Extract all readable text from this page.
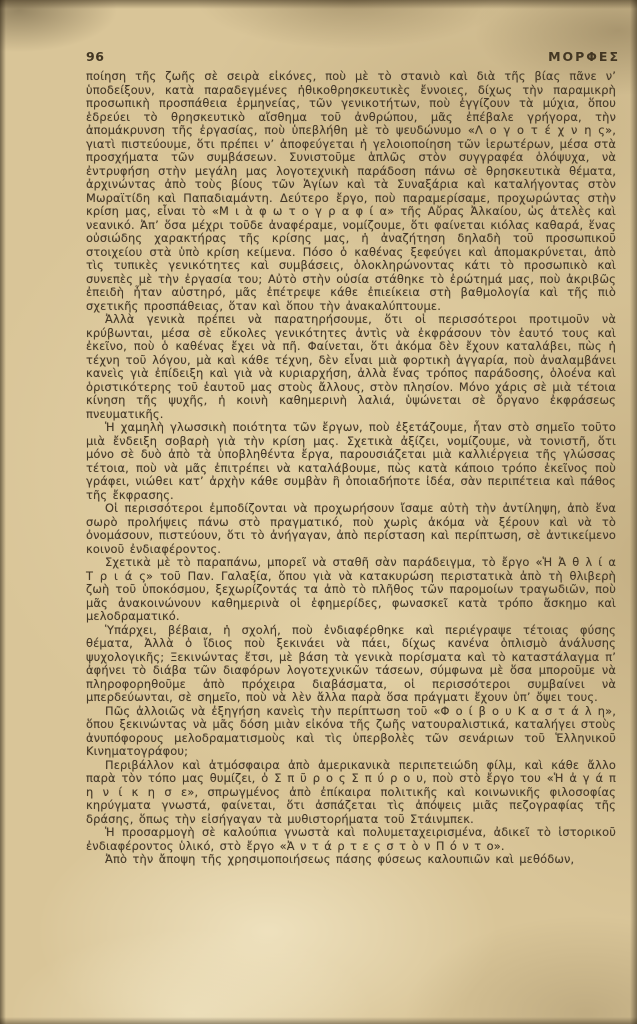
96	ΜΟΡΦΕΣ

ποίηση τῆς ζωῆς σὲ σειρὰ εἰκόνες, ποὺ μὲ τὸ στανιὸ καὶ διὰ τῆς βίας πᾶνε ν’ ὑποδείξουν, κατὰ παραδεγμένες ἠθικοθρησκευτικὲς ἔννοιες, δίχως τὴν παραμικρὴ προσωπικὴ προσπάθεια ἑρμηνείας, τῶν γενικοτήτων, ποὺ ἐγγίζουν τὰ μύχια, ὅπου ἑδρεύει τὸ θρησκευτικὸ αἴσθημα τοῦ ἀνθρώπου, μᾶς ἐπέβαλε γρήγορα, τὴν ἀπομάκρυνση τῆς ἐργασίας, ποὺ ὑπεβλήθη μὲ τὸ ψευδώνυμο «Λ ο γ ο τ έ χ ν η ς», γιατὶ πιστεύουμε, ὅτι πρέπει ν’ ἀποφεύγεται ἡ γελοιοποίηση τῶν ἱερωτέρων, μέσα στὰ προσχήματα τῶν συμβάσεων. Συνιστοῦμε ἁπλῶς στὸν συγγραφέα ὁλόψυχα, νὰ ἐντρυφήση στὴν μεγάλη μας λογοτεχνικὴ παράδοση πάνω σὲ θρησκευτικὰ θέματα, ἀρχινώντας ἀπὸ τοὺς βίους τῶν Ἁγίων καὶ τὰ Συναξάρια καὶ καταλήγοντας στὸν Μωραϊτίδη καὶ Παπαδιαμάντη. Δεύτερο ἔργο, ποὺ παραμερίσαμε, προχωρώντας στὴν κρίση μας, εἶναι τὸ «Μ ι ὰ φ ω τ ο γ ρ α φ ί α» τῆς Αὔρας Ἀλκαίου, ὡς ἀτελὲς καὶ νεανικό. Ἀπ’ ὅσα μέχρι τοῦδε ἀναφέραμε, νομίζουμε, ὅτι φαίνεται κιόλας καθαρά, ἕνας οὐσιώδης χαρακτήρας τῆς κρίσης μας, ἡ ἀναζήτηση δηλαδὴ τοῦ προσωπικοῦ στοιχείου στὰ ὑπὸ κρίση κείμενα. Πόσο ὁ καθένας ξεφεύγει καὶ ἀπομακρύνεται, ἀπὸ τὶς τυπικὲς γενικότητες καὶ συμβάσεις, ὁλοκληρώνοντας κάτι τὸ προσωπικὸ καὶ συνεπὲς μὲ τὴν ἐργασία του; Αὐτὸ στὴν οὐσία στάθηκε τὸ ἐρώτημά μας, ποὺ ἀκριβῶς ἐπειδὴ ἦταν αὐστηρό, μᾶς ἐπέτρεψε κάθε ἐπιείκεια στὴ βαθμολογία καὶ τῆς πιὸ σχετικῆς προσπάθειας, ὅταν καὶ ὅπου τὴν ἀνακαλύπτουμε.

Ἀλλὰ γενικὰ πρέπει νὰ παρατηρήσουμε, ὅτι οἱ περισσότεροι προτιμοῦν νὰ κρύβωνται, μέσα σὲ εὔκολες γενικότητες ἀντὶς νὰ ἐκφράσουν τὸν ἑαυτό τους καὶ ἐκεῖνο, ποὺ ὁ καθένας ἔχει νὰ πῆ. Φαίνεται, ὅτι ἀκόμα δὲν ἔχουν καταλάβει, πὼς ἡ τέχνη τοῦ λόγου, μὰ καὶ κάθε τέχνη, δὲν εἶναι μιὰ φορτικὴ ἀγγαρία, ποὺ ἀναλαμβάνει κανεὶς γιὰ ἐπίδειξη καὶ γιὰ νὰ κυριαρχήση, ἀλλὰ ἕνας τρόπος παράδοσης, ὁλοένα καὶ ὁριστικότερης τοῦ ἑαυτοῦ μας στοὺς ἄλλους, στὸν πλησίον. Μόνο χάρις σὲ μιὰ τέτοια κίνηση τῆς ψυχῆς, ἡ κοινὴ καθημερινὴ λαλιά, ὑψώνεται σὲ ὄργανο ἐκφράσεως πνευματικῆς.

Ἡ χαμηλὴ γλωσσικὴ ποιότητα τῶν ἔργων, ποὺ ἐξετάζουμε, ἦταν στὸ σημεῖο τοῦτο μιὰ ἔνδειξη σοβαρὴ γιὰ τὴν κρίση μας. Σχετικὰ ἀξίζει, νομίζουμε, νὰ τονιστῆ, ὅτι μόνο σὲ δυὸ ἀπὸ τὰ ὑποβληθέντα ἔργα, παρουσιάζεται μιὰ καλλιέργεια τῆς γλώσσας τέτοια, ποὺ νὰ μᾶς ἐπιτρέπει νὰ καταλάβουμε, πὼς κατὰ κάποιο τρόπο ἐκεῖνος ποὺ γράφει, νιώθει κατ’ ἀρχὴν κάθε συμβὰν ἢ ὁποιαδήποτε ἰδέα, σὰν περιπέτεια καὶ πάθος τῆς ἔκφρασης.

Οἱ περισσότεροι ἐμποδίζονται νὰ προχωρήσουν ἴσαμε αὐτὴ τὴν ἀντίληψη, ἀπὸ ἕνα σωρὸ προλήψεις πάνω στὸ πραγματικό, ποὺ χωρὶς ἀκόμα νὰ ξέρουν καὶ νὰ τὸ ὀνομάσουν, πιστεύουν, ὅτι τὸ ἀνήγαγαν, ἀπὸ περίσταση καὶ περίπτωση, σὲ ἀντικείμενο κοινοῦ ἐνδιαφέροντος.

Σχετικὰ μὲ τὸ παραπάνω, μπορεῖ νὰ σταθῆ σὰν παράδειγμα, τὸ ἔργο «Ἡ Ἀ θ λ ί α Τ ρ ι ά ς» τοῦ Παν. Γαλαξία, ὅπου γιὰ νὰ κατακυρώση περιστατικὰ ἀπὸ τὴ θλιβερὴ ζωὴ τοῦ ὑποκόσμου, ξεχωρίζοντάς τα ἀπὸ τὸ πλῆθος τῶν παρομοίων τραγωδιῶν, ποὺ μᾶς ἀνακοινώνουν καθημερινὰ οἱ ἐφημερίδες, φωνασκεῖ κατὰ τρόπο ἄσκημο καὶ μελοδραματικό.

Ὑπάρχει, βέβαια, ἡ σχολή, ποὺ ἐνδιαφέρθηκε καὶ περιέγραψε τέτοιας φύσης θέματα, Ἀλλὰ ὁ ἴδιος ποὺ ξεκινάει νὰ πάει, δίχως κανένα ὁπλισμὸ ἀνάλυσης ψυχολογικῆς; Ξεκινώντας ἔτσι, μὲ βάση τὰ γενικὰ πορίσματα καὶ τὸ καταστάλαγμα π’ ἀφήνει τὸ διάβα τῶν διαφόρων λογοτεχνικῶν τάσεων, σύμφωνα μὲ ὅσα μποροῦμε νὰ πληροφορηθοῦμε ἀπὸ πρόχειρα διαβάσματα, οἱ περισσότεροι συμβαίνει νὰ μπερδεύωνται, σὲ σημεῖο, ποὺ νὰ λὲν ἄλλα παρὰ ὅσα πράγματι ἔχουν ὑπ’ ὄψει τους.

Πῶς ἀλλοιῶς νὰ ἐξηγήση κανεὶς τὴν περίπτωση τοῦ «Φ ο ί β ο υ Κ α σ τ ά λ η», ὅπου ξεκινώντας νὰ μᾶς δόση μιὰν εἰκόνα τῆς ζωῆς νατουραλιστικά, καταλήγει στοὺς ἀνυπόφορους μελοδραματισμοὺς καὶ τὶς ὑπερβολὲς τῶν σενάριων τοῦ Ἑλληνικοῦ Κινηματογράφου;

Περιβάλλον καὶ ἀτμόσφαιρα ἀπὸ ἀμερικανικὰ περιπετειώδη φίλμ, καὶ κάθε ἄλλο παρὰ τὸν τόπο μας θυμίζει, ὁ Σ π ῦ ρ ο ς Σ π ύ ρ ο υ, ποὺ στὸ ἔργο του «Ἡ ἀ γ ά π η ν ί κ η σ ε», σπρωγμένος ἀπὸ ἐπίκαιρα πολιτικῆς καὶ κοινωνικῆς φιλοσοφίας κηρύγματα γνωστά, φαίνεται, ὅτι ἀσπάζεται τὶς ἀπόψεις μιᾶς πεζογραφίας τῆς δράσης, ὅπως τὴν εἰσήγαγαν τὰ μυθιστορήματα τοῦ Στάινμπεκ.

Ἡ προσαρμογὴ σὲ καλούπια γνωστὰ καὶ πολυμεταχειρισμένα, ἀδικεῖ τὸ ἱστορικοῦ ἐνδιαφέροντος ὑλικό, στὸ ἔργο «Ἀ ν τ ά ρ τ ε ς σ τ ὸ ν Π ό ν τ ο».

Ἀπὸ τὴν ἄποψη τῆς χρησιμοποιήσεως πάσης φύσεως καλουπιῶν καὶ μεθόδων,
